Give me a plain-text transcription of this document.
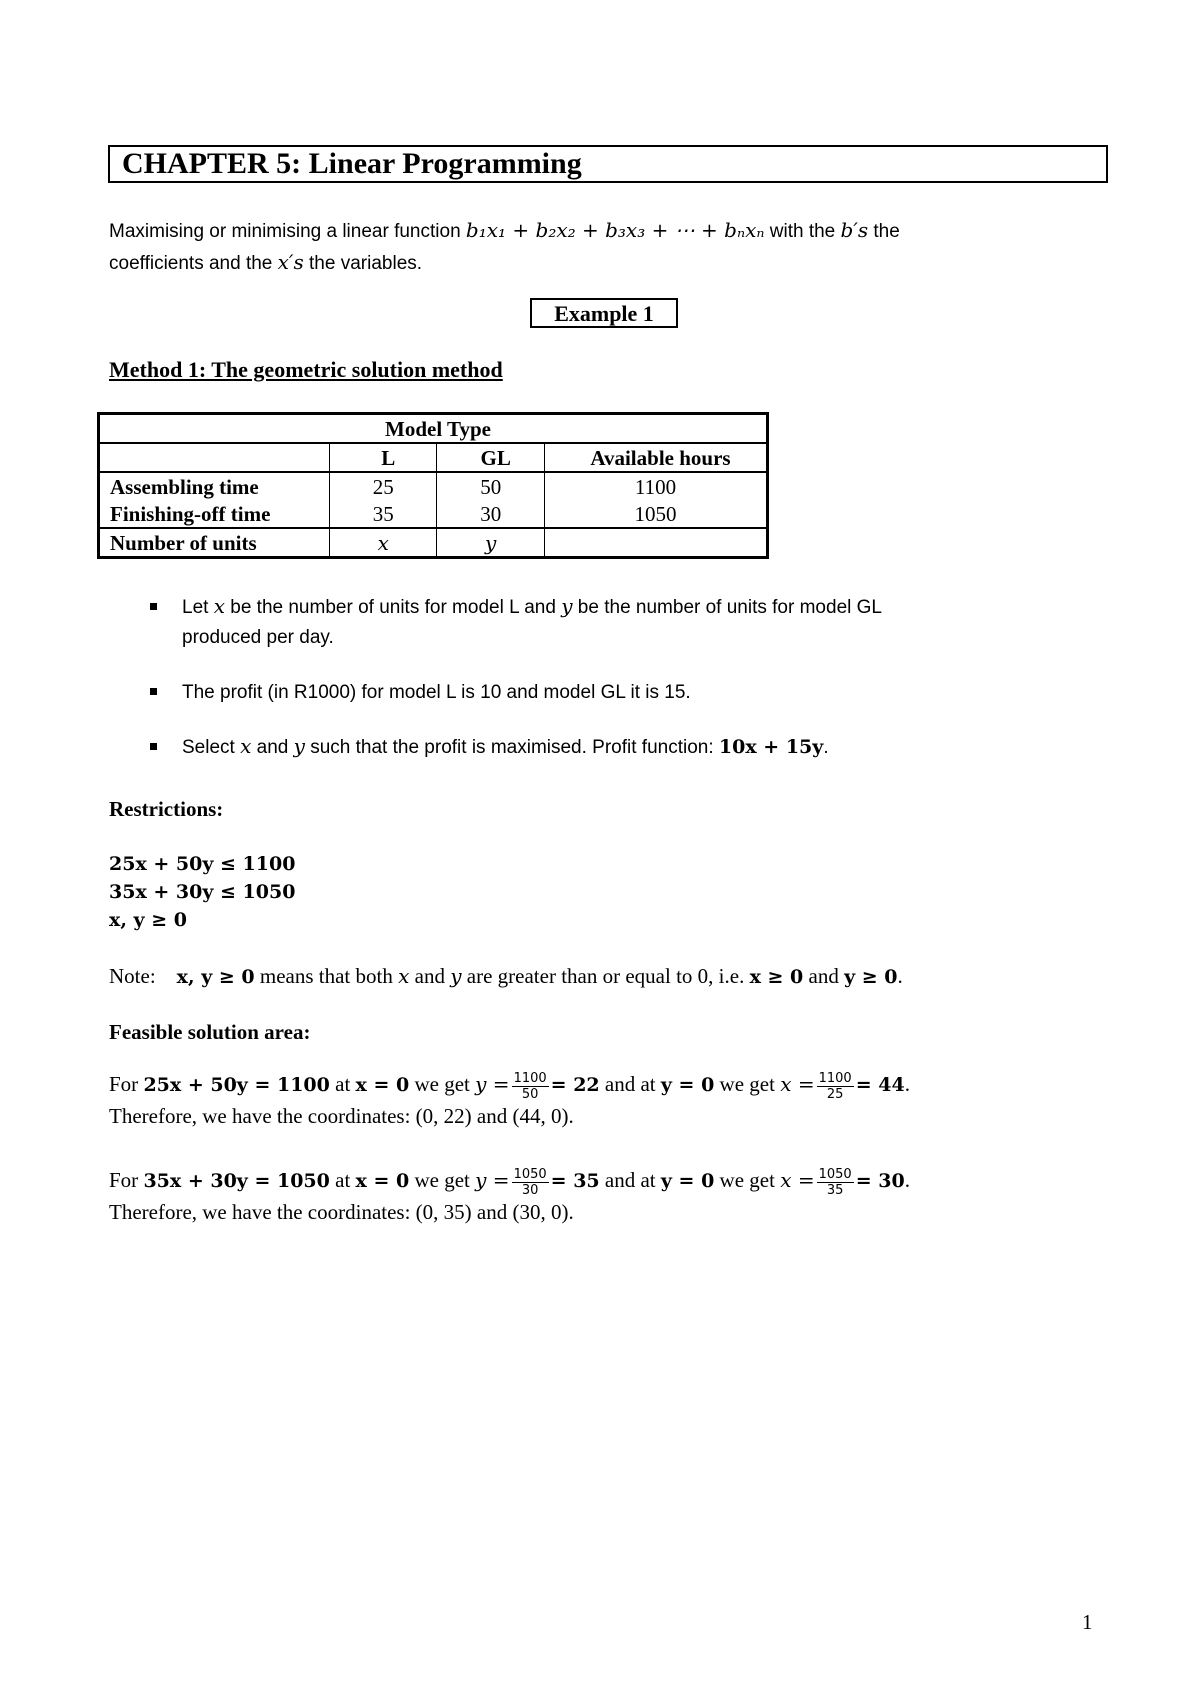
CHAPTER 5: Linear Programming
Maximising or minimising a linear function b₁x₁ + b₂x₂ + b₃x₃ + ⋯ + bₙxₙ with the b′s the
coefficients and the x′s the variables.
Example 1
Method 1: The geometric solution method
Model Type			
	L	GL	Available hours
Assembling time	25	50	1100
Finishing-off time	35	30	1050
Number of units	x	y	
Let x be the number of units for model L and y be the number of units for model GL
produced per day.
The profit (in R1000) for model L is 10 and model GL it is 15.
Select x and y such that the profit is maximised. Profit function: 10x + 15y.
Restrictions:
25x + 50y ≤ 1100
35x + 30y ≤ 1050
x, y ≥ 0
Note: x, y ≥ 0 means that both x and y are greater than or equal to 0, i.e. x ≥ 0 and y ≥ 0.
Feasible solution area:
For 25x + 50y = 1100 at x = 0 we get $y = \frac{1100}{50} = 22$ and at y = 0 we get $x = \frac{1100}{25} = 44$.
Therefore, we have the coordinates: (0, 22) and (44, 0).
For 35x + 30y = 1050 at x = 0 we get $y = \frac{1050}{30} = 35$ and at y = 0 we get $x = \frac{1050}{35} = 30$.
Therefore, we have the coordinates: (0, 35) and (30, 0).
1
